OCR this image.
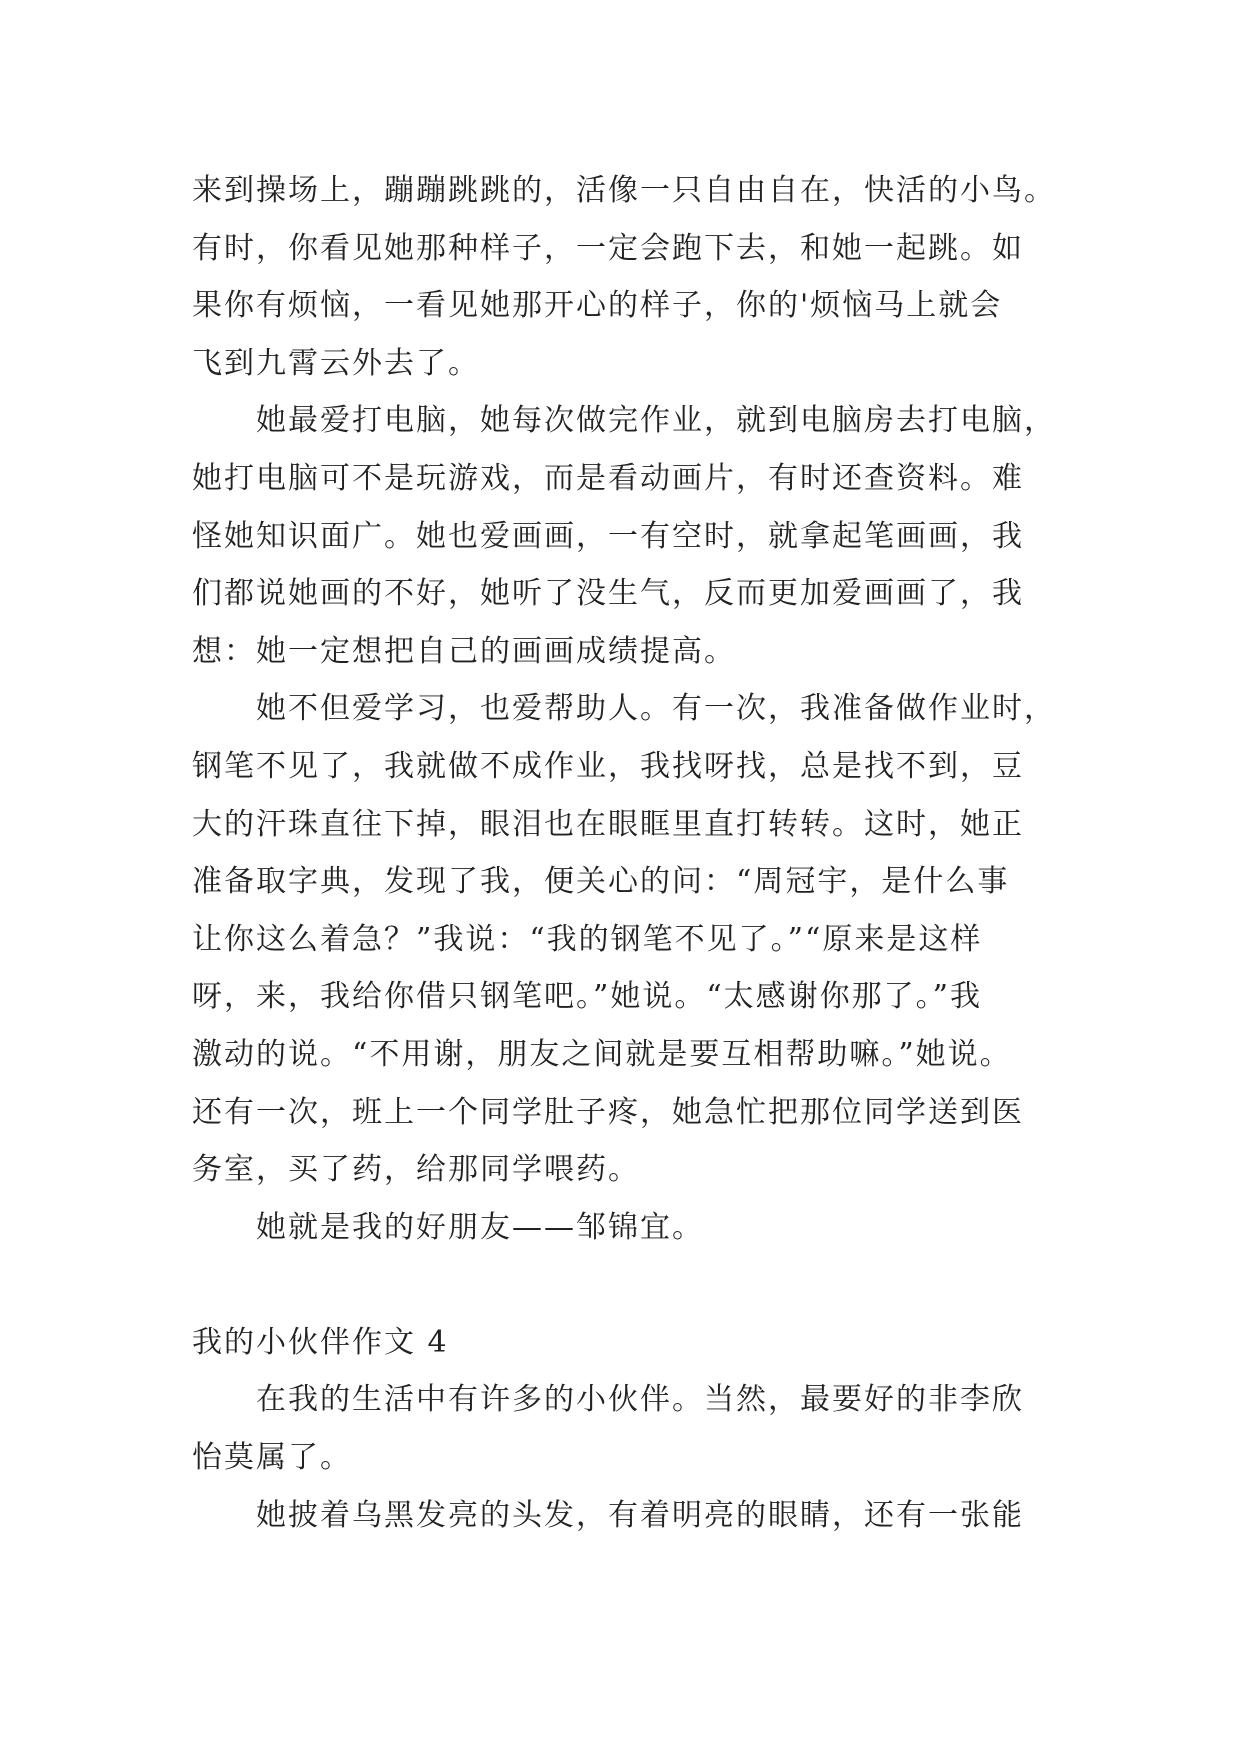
来到操场上，蹦蹦跳跳的，活像一只自由自在，快活的小鸟。
有时，你看见她那种样子，一定会跑下去，和她一起跳。如
果你有烦恼，一看见她那开心的样子，你的'烦恼马上就会
飞到九霄云外去了。
她最爱打电脑，她每次做完作业，就到电脑房去打电脑，
她打电脑可不是玩游戏，而是看动画片，有时还查资料。难
怪她知识面广。她也爱画画，一有空时，就拿起笔画画，我
们都说她画的不好，她听了没生气，反而更加爱画画了，我
想：她一定想把自己的画画成绩提高。
她不但爱学习，也爱帮助人。有一次，我准备做作业时，
钢笔不见了，我就做不成作业，我找呀找，总是找不到，豆
大的汗珠直往下掉，眼泪也在眼眶里直打转转。这时，她正
准备取字典，发现了我，便关心的问：“周冠宇，是什么事
让你这么着急？”我说：“我的钢笔不见了。”“原来是这样
呀，来，我给你借只钢笔吧。”她说。“太感谢你那了。”我
激动的说。“不用谢，朋友之间就是要互相帮助嘛。”她说。
还有一次，班上一个同学肚子疼，她急忙把那位同学送到医
务室，买了药，给那同学喂药。
她就是我的好朋友——邹锦宜。
我的小伙伴作文 4
在我的生活中有许多的小伙伴。当然，最要好的非李欣
怡莫属了。
她披着乌黑发亮的头发，有着明亮的眼睛，还有一张能
